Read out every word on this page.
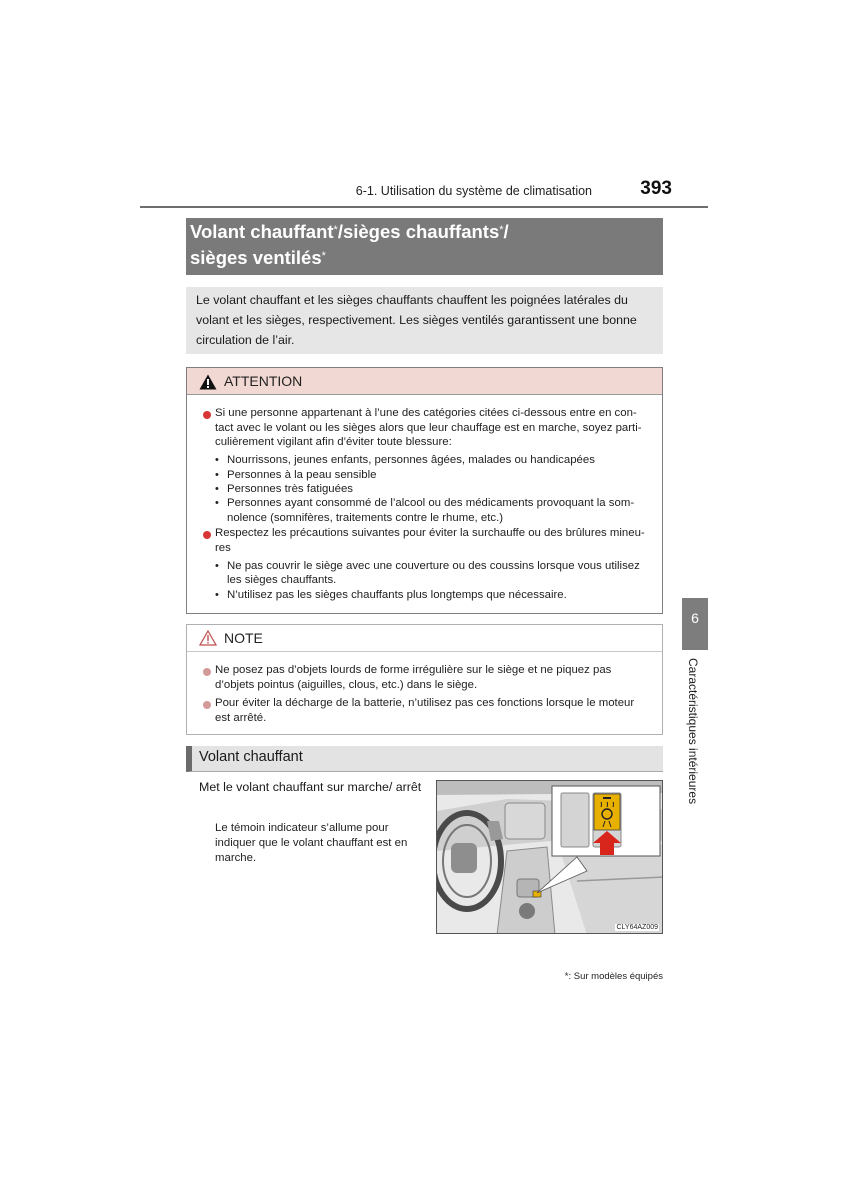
6-1. Utilisation du système de climatisation	393
Volant chauffant*/sièges chauffants*/
sièges ventilés*
Le volant chauffant et les sièges chauffants chauffent les poignées latérales du volant et les sièges, respectivement. Les sièges ventilés garantissent une bonne circulation de l’air.
ATTENTION
Si une personne appartenant à l’une des catégories citées ci-dessous entre en con-
tact avec le volant ou les sièges alors que leur chauffage est en marche, soyez parti-
culièrement vigilant afin d’éviter toute blessure:
• Nourrissons, jeunes enfants, personnes âgées, malades ou handicapées
• Personnes à la peau sensible
• Personnes très fatiguées
• Personnes ayant consommé de l’alcool ou des médicaments provoquant la som-
nolence (somnifères, traitements contre le rhume, etc.)
Respectez les précautions suivantes pour éviter la surchauffe ou des brûlures mineu-
res
• Ne pas couvrir le siège avec une couverture ou des coussins lorsque vous utilisez
les sièges chauffants.
• N’utilisez pas les sièges chauffants plus longtemps que nécessaire.
NOTE
Ne posez pas d’objets lourds de forme irrégulière sur le siège et ne piquez pas
d’objets pointus (aiguilles, clous, etc.) dans le siège.
Pour éviter la décharge de la batterie, n’utilisez pas ces fonctions lorsque le moteur
est arrêté.
Volant chauffant
Met le volant chauffant sur marche/ arrêt
Le témoin indicateur s’allume pour indiquer que le volant chauffant est en marche.
CLY64AZ009
6
Caractéristiques intérieures
*: Sur modèles équipés
